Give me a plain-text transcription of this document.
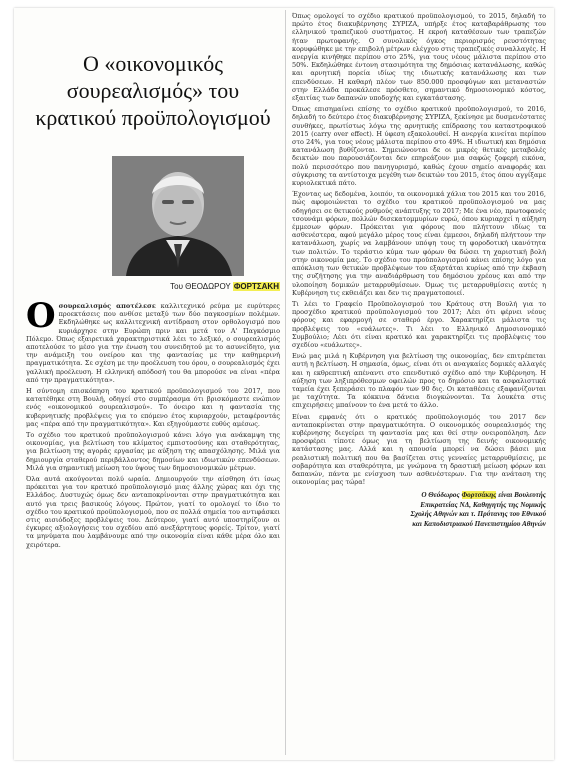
Ο «οικονομικός
σουρεαλισμός» του
κρατικού προϋπολογισμού
Του ΘΕΟΔΩΡΟΥ ΦΟΡΤΣΑΚΗ

Ο σουρεαλισμός αποτέλεσε καλλιτεχνικό ρεύμα με ευρύτερες προεκτάσεις που ανθίσε μεταξύ των δύο παγκοσμίων πολέμων. Εκδηλώθηκε ως καλλιτεχνική αντίδραση στον ορθολογισμό που κυριάρχησε στην Ευρώπη πριν και μετά τον Α' Παγκόσμιο Πόλεμο. Όπως εξαιρετικά χαρακτηριστικά λέει το λεξικό, ο σουρεαλισμός αποτελούσε το μέσο για την ένωση του συνειδητού με το ασυνείδητο, για την ανάμειξη του ονείρου και της φαντασίας με την καθημερινή πραγματικότητα. Σε σχέση με την προέλευση του όρου, ο σουρεαλισμός έχει γαλλική προέλευση. Η ελληνική απόδοσή του θα μπορούσε να είναι «πέρα από την πραγματικότητα».

Η σύντομη επισκόπηση του κρατικού προϋπολογισμού του 2017, που κατατέθηκε στη Βουλή, οδηγεί στο συμπέρασμα ότι βρισκόμαστε ενώπιον ενός «οικονομικού σουρεαλισμού». Το όνειρο και η φαντασία της κυβερνητικής προβλέψεις για το επόμενο έτος κυριαρχούν, μεταφέροντάς μας «πέρα από την πραγματικότητα». Και εξηγούμαστε ευθύς αμέσως.

Το σχέδιο του κρατικού προϋπολογισμού κάνει λόγο για ανάκαμψη της οικονομίας, για βελτίωση του κλίματος εμπιστοσύνης και σταθερότητας, για βελτίωση της αγοράς εργασίας με αύξηση της απασχόλησης. Μιλά για δημιουργία σταθερού περιβάλλοντος δημοσίων και ιδιωτικών επενδύσεων. Μιλά για σημαντική μείωση του ύψους των δημοσιονομικών μέτρων.

Όλα αυτά ακούγονται πολύ ωραία. Δημιουργούν την αίσθηση ότι ίσως πρόκειται για τον κρατικό προϋπολογισμό μιας άλλης χώρας και όχι της Ελλάδος. Δυστυχώς όμως δεν ανταποκρίνονται στην πραγματικότητα και αυτό για τρεις βασικούς λόγους. Πρώτον, γιατί το ομολογεί το ίδιο το σχέδιο του κρατικού προϋπολογισμού, που σε πολλά σημεία του αντιφάσκει στις αισιόδοξες προβλέψεις του. Δεύτερον, γιατί αυτό υποστηρίζουν οι έγκυρες αξιολογήσεις του σχεδίου από ανεξάρτητους φορείς. Τρίτον, γιατί τα μηνύματα που λαμβάνουμε από την οικονομία είναι κάθε μέρα όλο και χειρότερα.

Όπως ομολογεί το σχέδιο κρατικού προϋπολογισμού, το 2015, δηλαδή το πρώτο έτος διακυβέρνησης ΣΥΡΙΖΑ, υπήρξε έτος καταβαράθρωσης του ελληνικού τραπεζικού συστήματος. Η εκροή καταθέσεων των τραπεζών ήταν πρωτοφανής. Ο συνολικός όγκος περιορισμός ρευστότητας κορυφώθηκε με την επιβολή μέτρων ελέγχου στις τραπεζικές συναλλαγές. Η ανεργία κινήθηκε περίπου στο 25%, για τους νέους μάλιστα περίπου στο 50%. Εκδηλώθηκε έντονη στασιμότητα της δημόσιας κατανάλωσης, καθώς και αρνητική πορεία ιδίως της ιδιωτικής κατανάλωσης και των επενδύσεων. Η καθαρή πλέον των 850.000 προσφύγων και μεταναστών στην Ελλάδα προκάλεσε πρόσθετο, σημαντικό δημοσιονομικό κόστος, εξαιτίας των δαπανών υποδοχής και εγκατάστασης.

Όπως επισημαίνει επίσης το σχέδιο κρατικού προϋπολογισμού, το 2016, δηλαδή το δεύτερο έτος διακυβέρνησης ΣΥΡΙΖΑ, ξεκίνησε με δυσμενέστατες συνθήκες, πρωτίστως λόγω της αρνητικής επίδρασης του καταστροφικού 2015 (carry over effect). Η ύφεση εξακολουθεί. Η ανεργία κινείται περίπου στο 24%, για τους νέους μάλιστα περίπου στο 49%. Η ιδιωτική και δημόσια κατανάλωση βυθίζονται. Σημειώνονται δε οι μικρές θετικές μεταβολές δεικτών που παρουσιάζονται δεν επηρεάζουν μια σαφώς ζοφερή εικόνα, πολύ περισσότερο που πανηγυρισμό, καθώς έχουν σημείο αναφοράς και σύγκρισης τα αντίστοιχα μεγέθη των δεικτών του 2015, έτος όπου αγγίξαμε κυριολεκτικά πάτο.

Έχοντας ως δεδομένα, λοιπόν, τα οικονομικά χάλια του 2015 και του 2016, πώς αφομοιώνεται το σχέδιο του κρατικού προϋπολογισμού να μας οδηγήσει σε θετικούς ρυθμούς ανάπτυξης το 2017; Με ένα νέο, πρωτοφανές τσουνάμι φόρων, πολλών δισεκατομμυρίων ευρώ, όπου κυριαρχεί η αύξηση έμμεσων φόρων. Πρόκειται για φόρους που πλήττουν ιδίως τα ασθενέστερα, αφού μεγάλο μέρος τους είναι έμμεσοι, δηλαδή πλήττουν την κατανάλωση, χωρίς να λαμβάνουν υπόψη τους τη φοροδοτική ικανότητα των πολιτών. Το τεράστιο κύμα των φόρων θα δώσει τη χαριστική βολή στην οικονομία μας. Το σχέδιο του προϋπολογισμού κάνει επίσης λόγο για απόκλιση των θετικών προβλέψεων του εξαρτάται κυρίως από την έκβαση της συζήτησης για την αναδιάρθρωση του δημόσιου χρέους και από την υλοποίηση δομικών μεταρρυθμίσεων. Όμως τις μεταρρυθμίσεις αυτές η Κυβέρνηση τις εκθειάζει και δεν τις πραγματοποιεί.

Τι λέει το Γραφείο Προϋπολογισμού του Κράτους στη Βουλή για το προσχέδιο κρατικού προϋπολογισμού του 2017; Λέει ότι φέρνει νέους φόρους και εφαρμογή σε σταθερό έργο. Χαρακτηρίζει μάλιστα τις προβλέψεις του «ευάλωτες». Τι λέει το Ελληνικό Δημοσιονομικό Συμβούλιο; Λέει ότι είναι κρατικό και χαρακτηρίζει τις προβλέψεις του σχεδίου «ευάλωτες».

Ενώ μας μιλά η Κυβέρνηση για βελτίωση της οικονομίας, δεν επιτρέπεται αυτή η βελτίωση. Η σημασία, όμως, είναι ότι οι αναγκαίες δομικές αλλαγές και η εκθρεπτική απέναντι στο επενδυτικό σχέδιο από την Κυβέρνηση. Η αύξηση των ληξιπρόθεσμων οφειλών προς το δημόσιο και τα ασφαλιστικά ταμεία έχει ξεπεράσει το πλαφόν των 90 δις. Οι καταθέσεις εξαφανίζονται με ταχύτητα. Τα κόκκινα δάνεια διογκώνονται. Τα λουκέτα στις επιχειρήσεις μπαίνουν το ένα μετά το άλλο.

Είναι εμφανές ότι ο κρατικός προϋπολογισμός του 2017 δεν ανταποκρίνεται στην πραγματικότητα. Ο οικονομικός σουρεαλισμός της κυβέρνησης διεγείρει τη φαντασία μας και θεί στην ονειροπόληση. Δεν προσφέρει τίποτε όμως για τη βελτίωση της δεινής οικονομικής κατάστασης μας. Αλλά και η απουσία μπορεί να δώσει βάσει μια ρεαλιστική πολιτική που θα βασίζεται στις γενναίες μεταρρυθμίσεις, με σοβαρότητα και σταθερότητα, με γνώμονα τη δραστική μείωση φόρων και δαπανών, πάντα με ενίσχυση των ασθενέστερων. Για την ανάταση της οικονομίας μας τώρα!

Ο Θεόδωρος Φορτσάκης είναι Βουλευτής
Επικρατείας ΝΔ, Καθηγητής της Νομικής
Σχολής Αθηνών και τ. Πρύτανης του Εθνικού
και Καποδιστριακού Πανεπιστημίου Αθηνών
